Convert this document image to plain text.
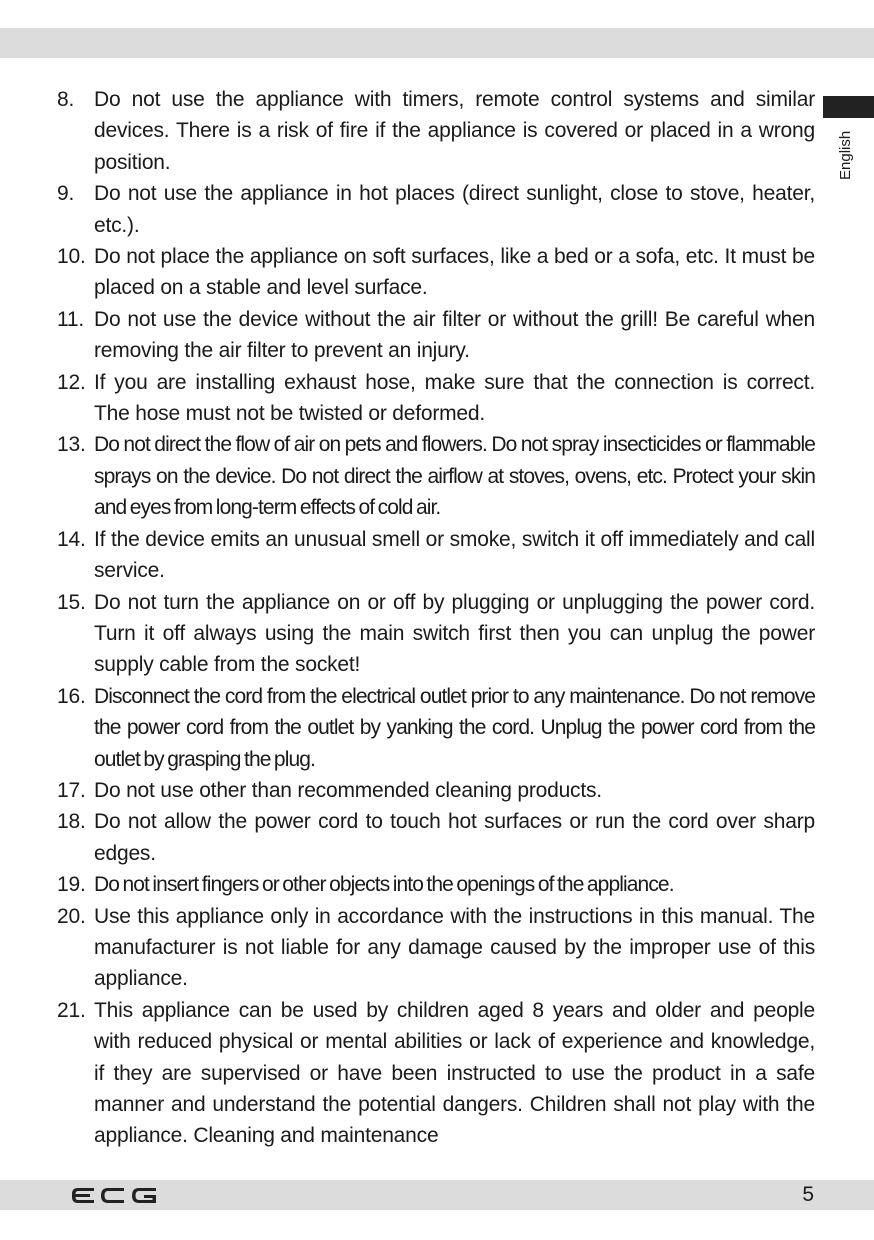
English
8. Do not use the appliance with timers, remote control systems and similar devices. There is a risk of fire if the appliance is covered or placed in a wrong position.
9. Do not use the appliance in hot places (direct sunlight, close to stove, heater, etc.).
10. Do not place the appliance on soft surfaces, like a bed or a sofa, etc. It must be placed on a stable and level surface.
11. Do not use the device without the air filter or without the grill! Be careful when removing the air filter to prevent an injury.
12. If you are installing exhaust hose, make sure that the connection is correct. The hose must not be twisted or deformed.
13. Do not direct the flow of air on pets and flowers. Do not spray insecticides or flammable sprays on the device. Do not direct the airflow at stoves, ovens, etc. Protect your skin and eyes from long-term effects of cold air.
14. If the device emits an unusual smell or smoke, switch it off immediately and call service.
15. Do not turn the appliance on or off by plugging or unplugging the power cord. Turn it off always using the main switch first then you can unplug the power supply cable from the socket!
16. Disconnect the cord from the electrical outlet prior to any maintenance. Do not remove the power cord from the outlet by yanking the cord. Unplug the power cord from the outlet by grasping the plug.
17. Do not use other than recommended cleaning products.
18. Do not allow the power cord to touch hot surfaces or run the cord over sharp edges.
19. Do not insert fingers or other objects into the openings of the appliance.
20. Use this appliance only in accordance with the instructions in this manual. The manufacturer is not liable for any damage caused by the improper use of this appliance.
21. This appliance can be used by children aged 8 years and older and people with reduced physical or mental abilities or lack of experience and knowledge, if they are supervised or have been instructed to use the product in a safe manner and understand the potential dangers. Children shall not play with the appliance. Cleaning and maintenance
5
